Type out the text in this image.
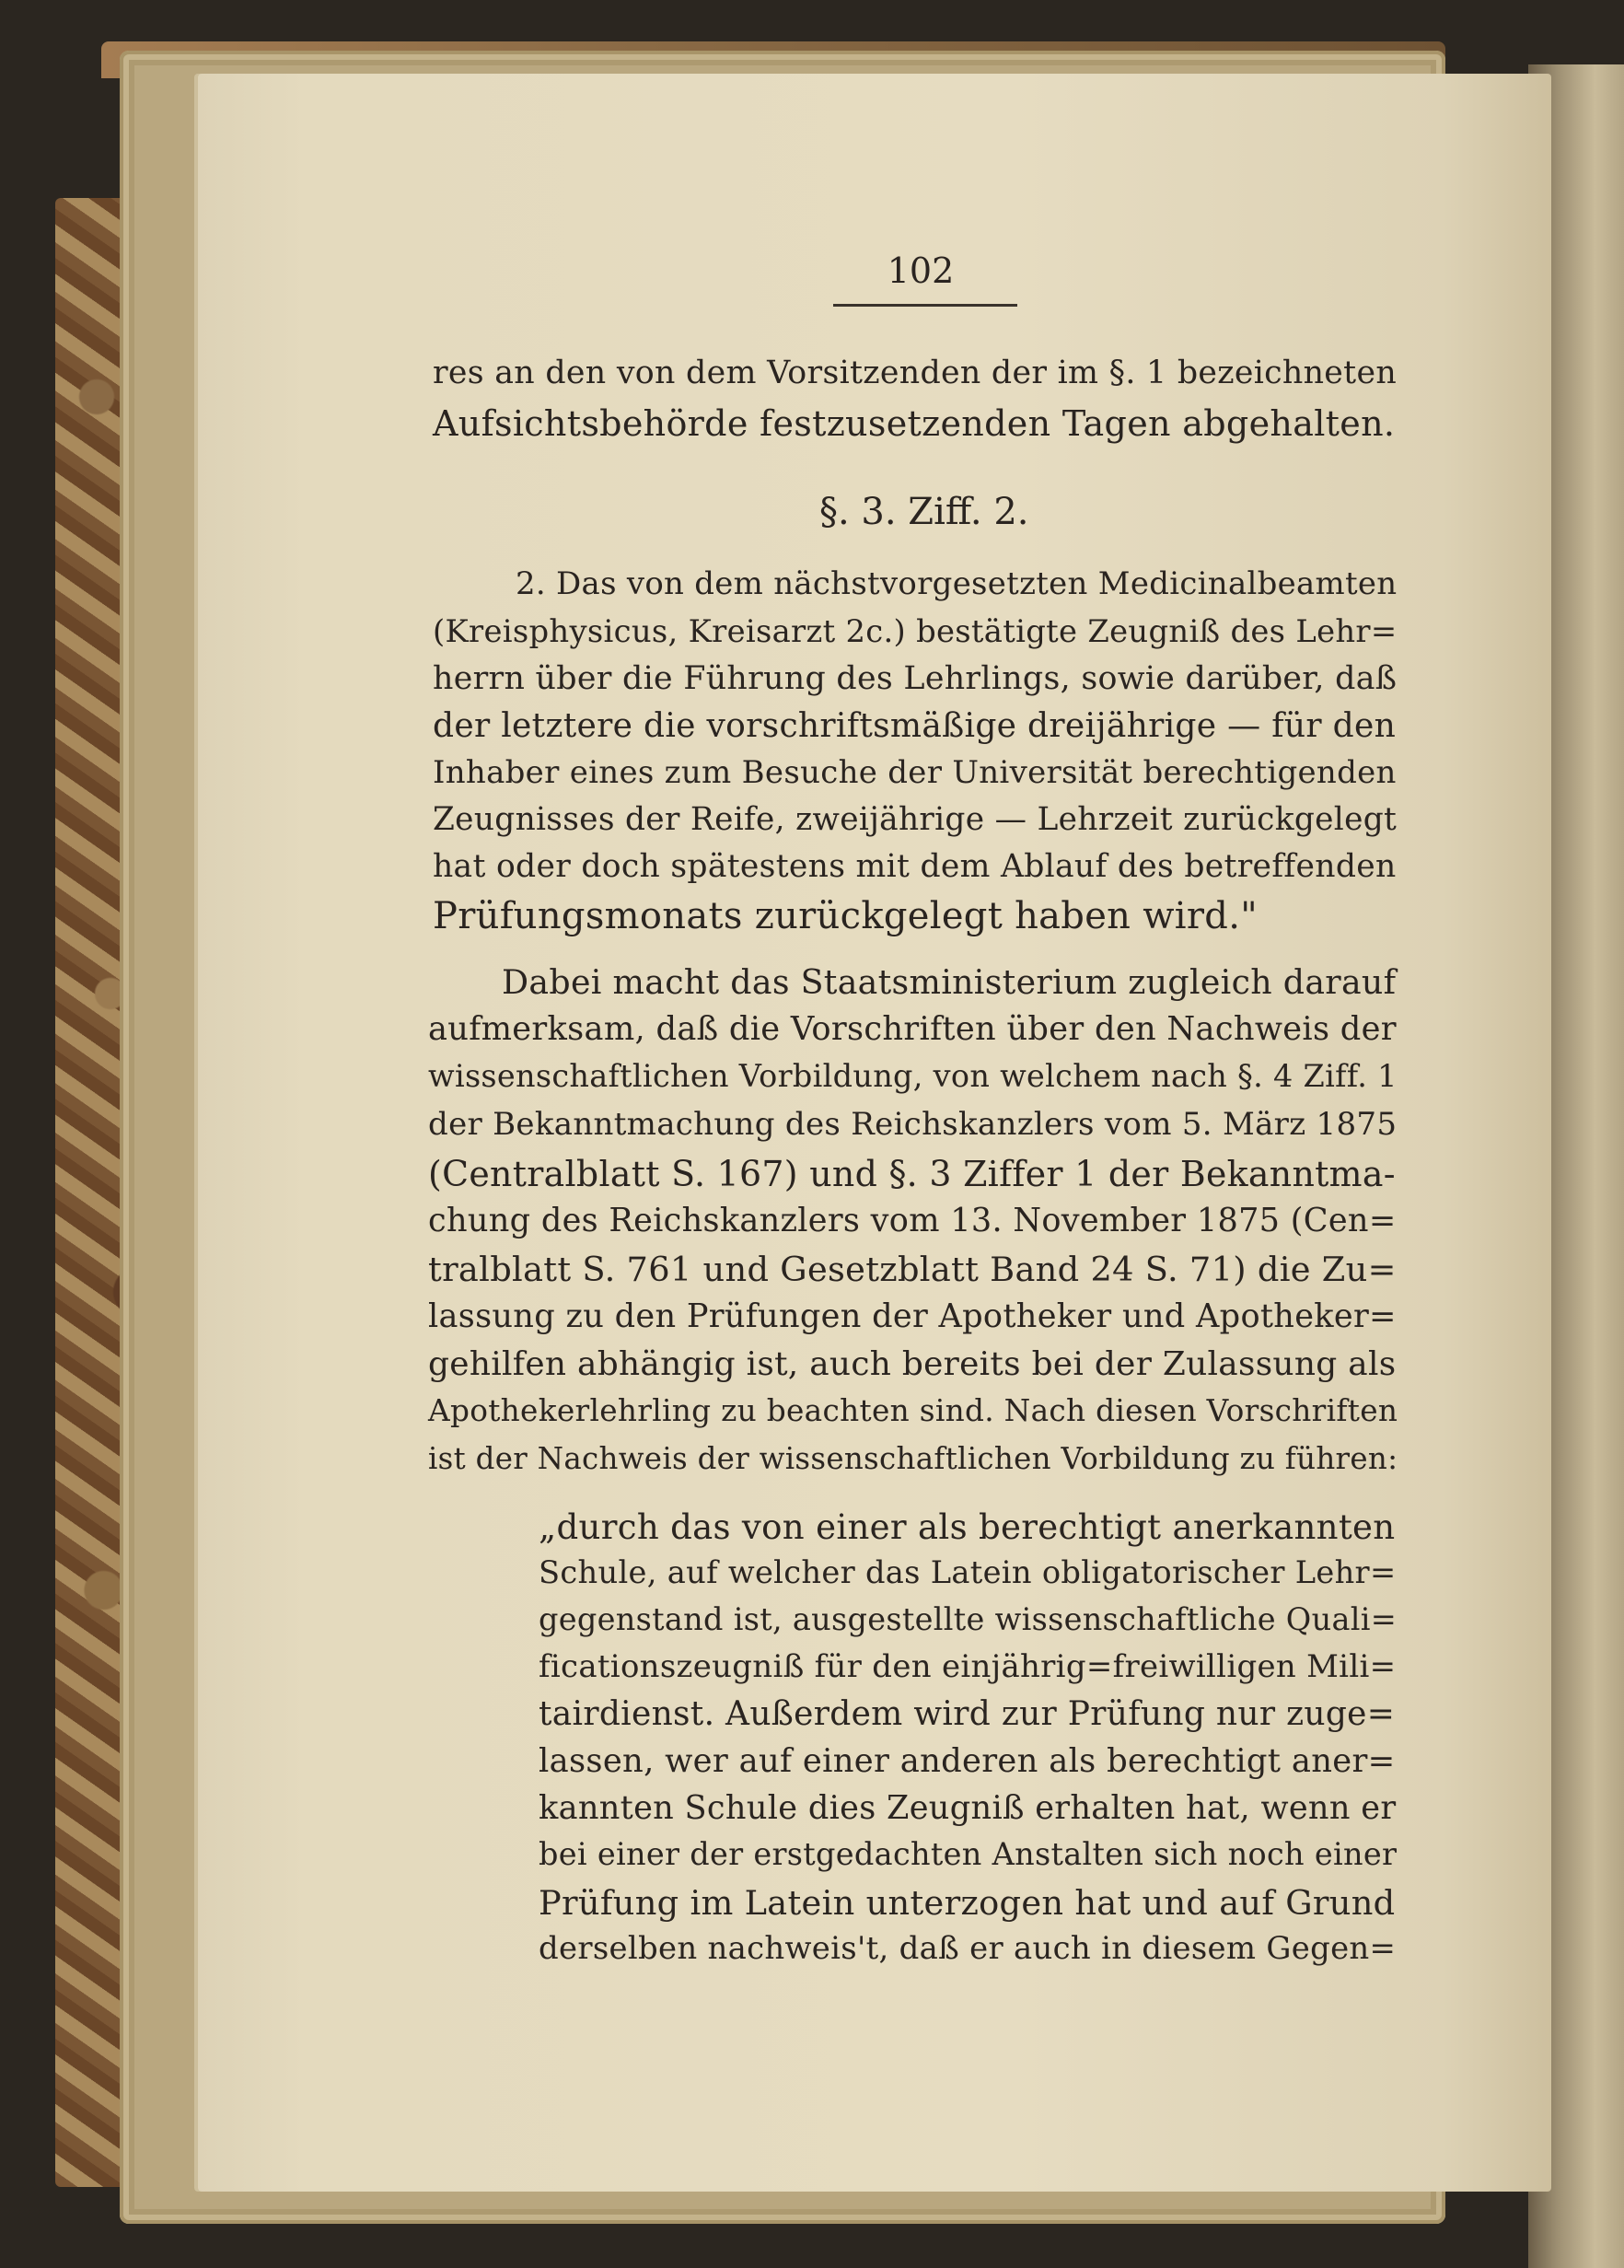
102
res an den von dem Vorsitzenden der im §. 1 bezeichneten
Aufsichtsbehörde festzusetzenden Tagen abgehalten.
§. 3. Ziff. 2.
2. Das von dem nächstvorgesetzten Medicinalbeamten
(Kreisphysicus, Kreisarzt 2c.) bestätigte Zeugniß des Lehr=
herrn über die Führung des Lehrlings, sowie darüber, daß
der letztere die vorschriftsmäßige dreijährige — für den
Inhaber eines zum Besuche der Universität berechtigenden
Zeugnisses der Reife, zweijährige — Lehrzeit zurückgelegt
hat oder doch spätestens mit dem Ablauf des betreffenden
Prüfungsmonats zurückgelegt haben wird."
Dabei macht das Staatsministerium zugleich darauf
aufmerksam, daß die Vorschriften über den Nachweis der
wissenschaftlichen Vorbildung, von welchem nach §. 4 Ziff. 1
der Bekanntmachung des Reichskanzlers vom 5. März 1875
(Centralblatt S. 167) und §. 3 Ziffer 1 der Bekanntma-
chung des Reichskanzlers vom 13. November 1875 (Cen=
tralblatt S. 761 und Gesetzblatt Band 24 S. 71) die Zu=
lassung zu den Prüfungen der Apotheker und Apotheker=
gehilfen abhängig ist, auch bereits bei der Zulassung als
Apothekerlehrling zu beachten sind. Nach diesen Vorschriften
ist der Nachweis der wissenschaftlichen Vorbildung zu führen:
„durch das von einer als berechtigt anerkannten
Schule, auf welcher das Latein obligatorischer Lehr=
gegenstand ist, ausgestellte wissenschaftliche Quali=
ficationszeugniß für den einjährig=freiwilligen Mili=
tairdienst. Außerdem wird zur Prüfung nur zuge=
lassen, wer auf einer anderen als berechtigt aner=
kannten Schule dies Zeugniß erhalten hat, wenn er
bei einer der erstgedachten Anstalten sich noch einer
Prüfung im Latein unterzogen hat und auf Grund
derselben nachweis't, daß er auch in diesem Gegen=
